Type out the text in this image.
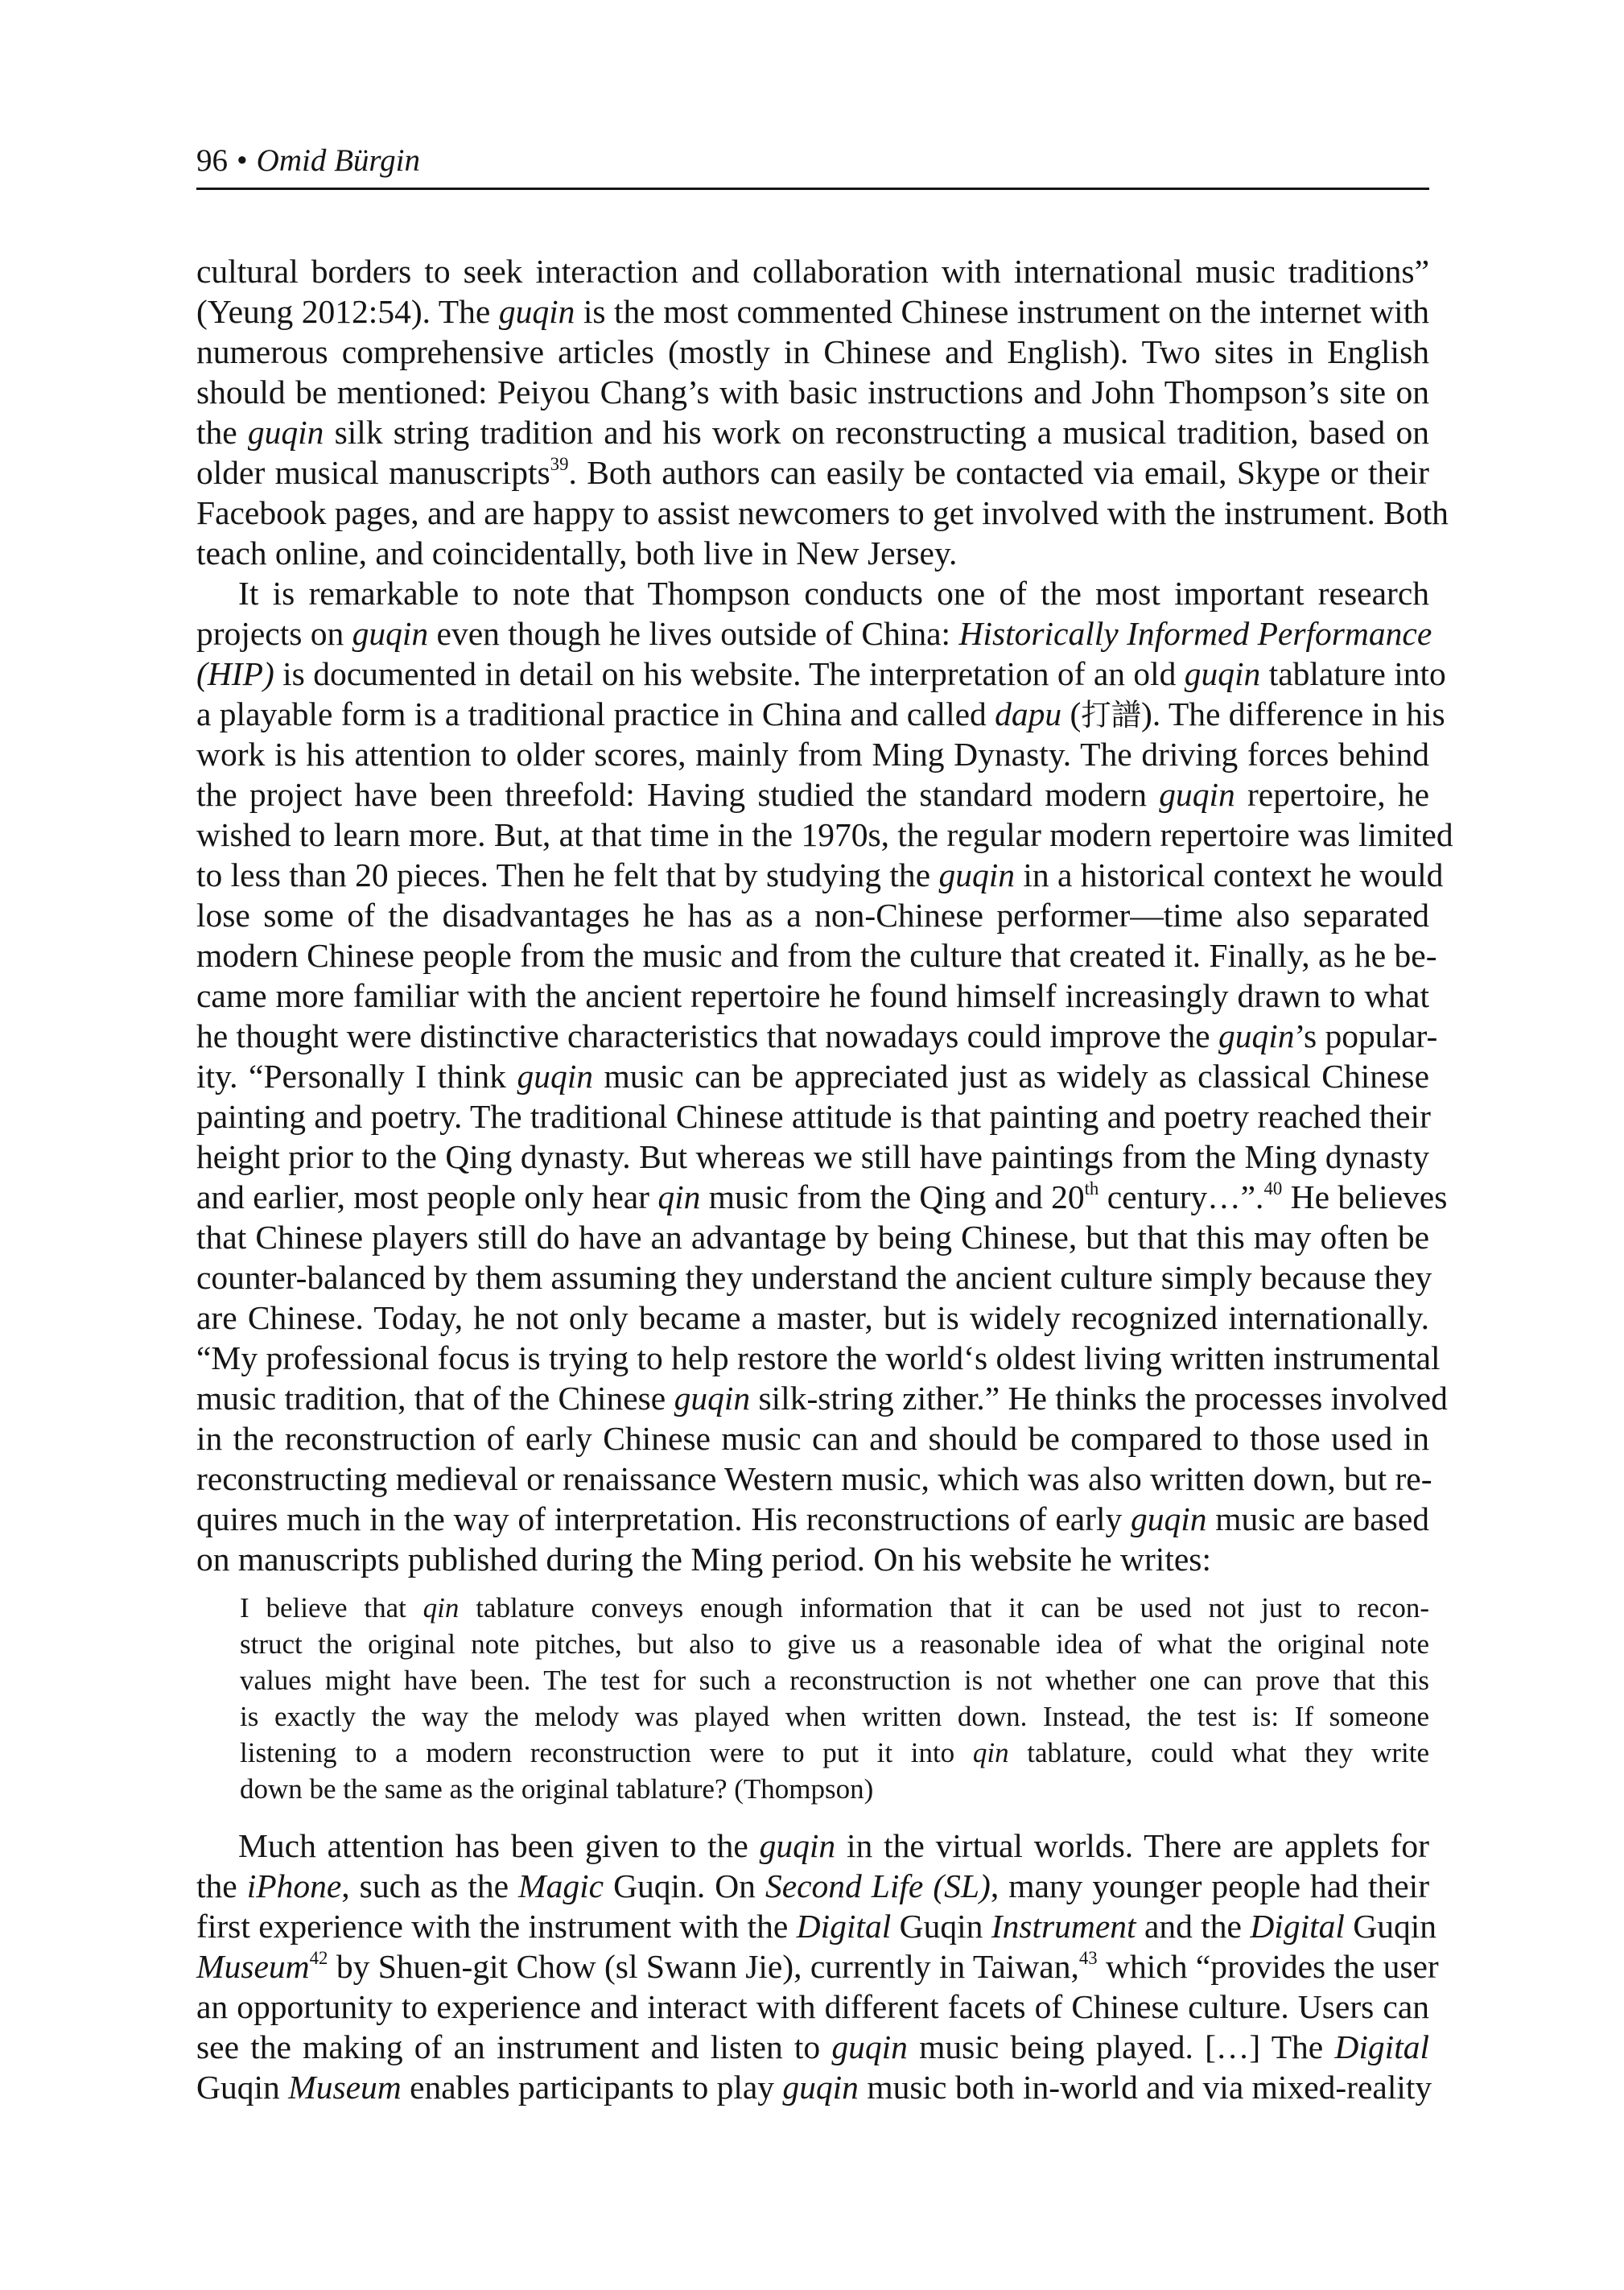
96 • Omid Bürgin
cultural borders to seek interaction and collaboration with international music traditions”
(Yeung 2012:54). The guqin is the most commented Chinese instrument on the internet with
numerous comprehensive articles (mostly in Chinese and English). Two sites in English
should be mentioned: Peiyou Chang’s with basic instructions and John Thompson’s site on
the guqin silk string tradition and his work on reconstructing a musical tradition, based on
older musical manuscripts$^{39}$. Both authors can easily be contacted via email, Skype or their
Facebook pages, and are happy to assist newcomers to get involved with the instrument. Both
teach online, and coincidentally, both live in New Jersey.
It is remarkable to note that Thompson conducts one of the most important research
projects on guqin even though he lives outside of China: Historically Informed Performance
(HIP) is documented in detail on his website. The interpretation of an old guqin tablature into
a playable form is a traditional practice in China and called dapu (打譜). The difference in his
work is his attention to older scores, mainly from Ming Dynasty. The driving forces behind
the project have been threefold: Having studied the standard modern guqin repertoire, he
wished to learn more. But, at that time in the 1970s, the regular modern repertoire was limited
to less than 20 pieces. Then he felt that by studying the guqin in a historical context he would
lose some of the disadvantages he has as a non-Chinese performer—time also separated
modern Chinese people from the music and from the culture that created it. Finally, as he be-
came more familiar with the ancient repertoire he found himself increasingly drawn to what
he thought were distinctive characteristics that nowadays could improve the guqin’s popular-
ity. “Personally I think guqin music can be appreciated just as widely as classical Chinese
painting and poetry. The traditional Chinese attitude is that painting and poetry reached their
height prior to the Qing dynasty. But whereas we still have paintings from the Ming dynasty
and earlier, most people only hear qin music from the Qing and 20th century…”.$^{40}$ He believes
that Chinese players still do have an advantage by being Chinese, but that this may often be
counter-balanced by them assuming they understand the ancient culture simply because they
are Chinese. Today, he not only became a master, but is widely recognized internationally.
“My professional focus is trying to help restore the world‘s oldest living written instrumental
music tradition, that of the Chinese guqin silk-string zither.” He thinks the processes involved
in the reconstruction of early Chinese music can and should be compared to those used in
reconstructing medieval or renaissance Western music, which was also written down, but re-
quires much in the way of interpretation. His reconstructions of early guqin music are based
on manuscripts published during the Ming period. On his website he writes:
I believe that qin tablature conveys enough information that it can be used not just to recon-
struct the original note pitches, but also to give us a reasonable idea of what the original note
values might have been. The test for such a reconstruction is not whether one can prove that this
is exactly the way the melody was played when written down. Instead, the test is: If someone
listening to a modern reconstruction were to put it into qin tablature, could what they write
down be the same as the original tablature? (Thompson)
Much attention has been given to the guqin in the virtual worlds. There are applets for
the iPhone, such as the Magic Guqin. On Second Life (SL), many younger people had their
first experience with the instrument with the Digital Guqin Instrument and the Digital Guqin
Museum$^{42}$ by Shuen-git Chow (sl Swann Jie), currently in Taiwan,$^{43}$ which “provides the user
an opportunity to experience and interact with different facets of Chinese culture. Users can
see the making of an instrument and listen to guqin music being played. […] The Digital
Guqin Museum enables participants to play guqin music both in-world and via mixed-reality
